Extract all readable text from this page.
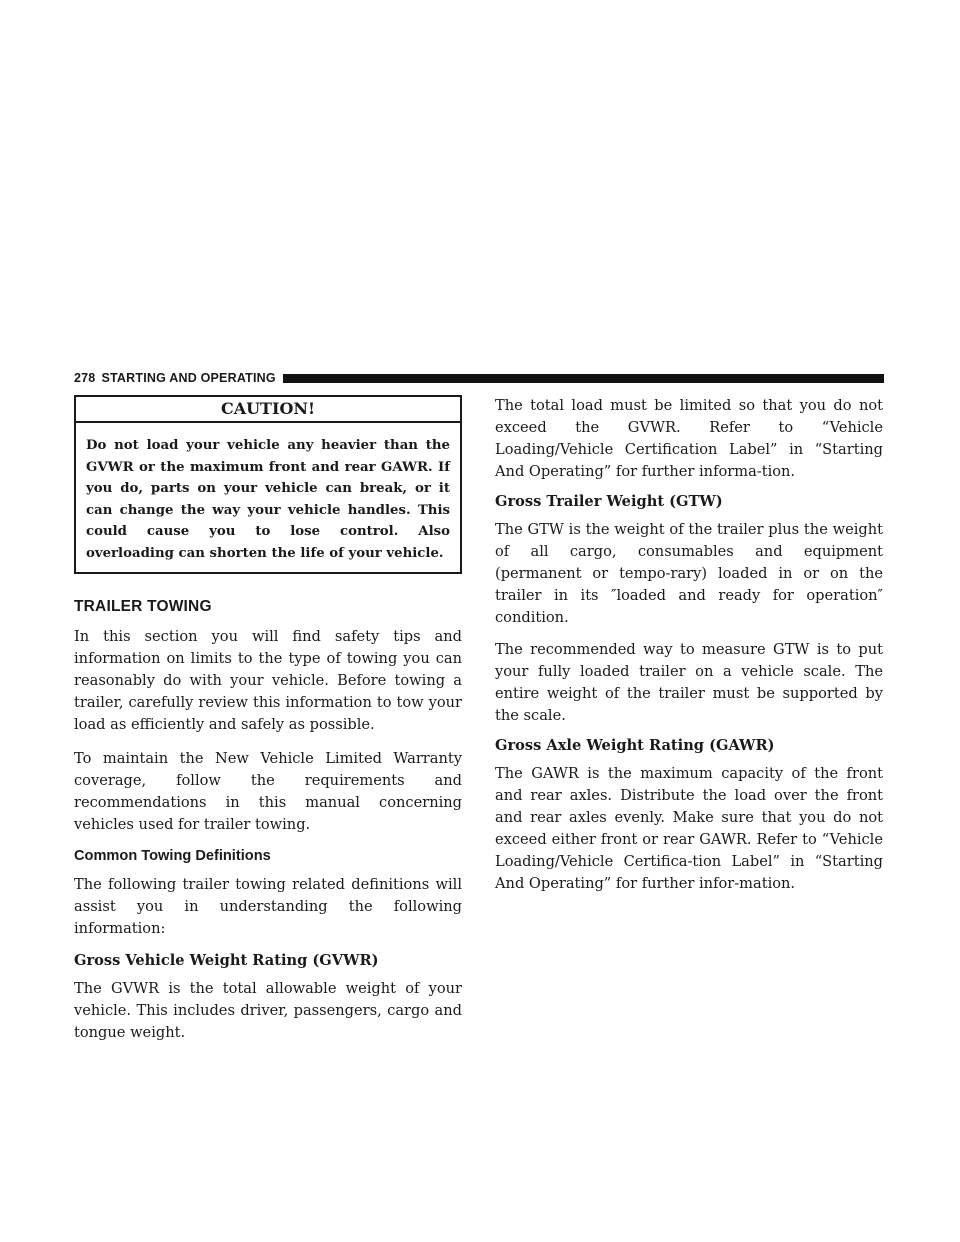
278 STARTING AND OPERATING
CAUTION!
Do not load your vehicle any heavier than the GVWR or the maximum front and rear GAWR. If you do, parts on your vehicle can break, or it can change the way your vehicle handles. This could cause you to lose control. Also overloading can shorten the life of your vehicle.
TRAILER TOWING

In this section you will find safety tips and information on limits to the type of towing you can reasonably do with your vehicle. Before towing a trailer, carefully review this information to tow your load as efficiently and safely as possible.

To maintain the New Vehicle Limited Warranty coverage, follow the requirements and recommendations in this manual concerning vehicles used for trailer towing.

Common Towing Definitions

The following trailer towing related definitions will assist you in understanding the following information:

Gross Vehicle Weight Rating (GVWR)

The GVWR is the total allowable weight of your vehicle. This includes driver, passengers, cargo and tongue weight.

The total load must be limited so that you do not exceed the GVWR. Refer to “Vehicle Loading/Vehicle Certification Label” in “Starting And Operating” for further informa-tion.

Gross Trailer Weight (GTW)

The GTW is the weight of the trailer plus the weight of all cargo, consumables and equipment (permanent or tempo-rary) loaded in or on the trailer in its ″loaded and ready for operation″ condition.

The recommended way to measure GTW is to put your fully loaded trailer on a vehicle scale. The entire weight of the trailer must be supported by the scale.

Gross Axle Weight Rating (GAWR)

The GAWR is the maximum capacity of the front and rear axles. Distribute the load over the front and rear axles evenly. Make sure that you do not exceed either front or rear GAWR. Refer to “Vehicle Loading/Vehicle Certifica-tion Label” in “Starting And Operating” for further infor-mation.
